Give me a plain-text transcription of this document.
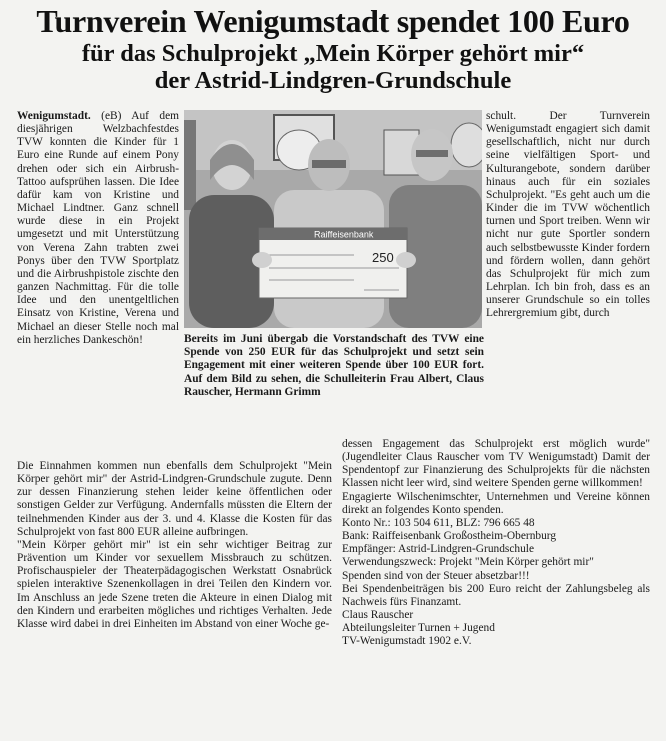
Turnverein Wenigumstadt spendet 100 Euro
für das Schulprojekt „Mein Körper gehört mir“
der Astrid-Lindgren-Grundschule

Wenigumstadt. (eB) Auf dem diesjährigen Welzbachfestdes TVW konnten die Kinder für 1 Euro eine Runde auf einem Pony drehen oder sich ein Airbrush-Tattoo aufsprühen lassen. Die Idee dafür kam von Kristine und Michael Lindtner. Ganz schnell wurde diese in ein Projekt umgesetzt und mit Unterstützung von Verena Zahn trabten zwei Ponys über den TVW Sportplatz und die Airbrushpistole zischte den ganzen Nachmittag. Für die tolle Idee und den unentgeltlichen Einsatz von Kristine, Verena und Michael an dieser Stelle noch mal ein herzliches Dankeschön!

Raiffeisenbank
250
Bereits im Juni übergab die Vorstandschaft des TVW eine Spende von 250 EUR für das Schulprojekt und setzt sein Engagement mit einer weiteren Spende über 100 EUR fort. Auf dem Bild zu sehen, die Schulleiterin Frau Albert, Claus Rauscher, Hermann Grimm

schult. Der Turnverein Wenigumstadt engagiert sich damit gesellschaftlich, nicht nur durch seine vielfältigen Sport- und Kulturangebote, sondern darüber hinaus auch für ein soziales Schulprojekt. "Es geht auch um die Kinder die im TVW wöchentlich turnen und Sport treiben. Wenn wir nicht nur gute Sportler sondern auch selbstbewusste Kinder fordern und fördern wollen, dann gehört das Schulprojekt für mich zum Lehrplan. Ich bin froh, dass es an unserer Grundschule so ein tolles Lehrergremium gibt, durch

Die Einnahmen kommen nun ebenfalls dem Schulprojekt "Mein Körper gehört mir" der Astrid-Lindgren-Grundschule zugute. Denn zur dessen Finanzierung stehen leider keine öffentlichen oder sonstigen Gelder zur Verfügung. Andernfalls müssten die Eltern der teilnehmenden Kinder aus der 3. und 4. Klasse die Kosten für das Schulprojekt von fast 800 EUR alleine aufbringen.

"Mein Körper gehört mir" ist ein sehr wichtiger Beitrag zur Prävention um Kinder vor sexuellem Missbrauch zu schützen. Profischauspieler der Theaterpädagogischen Werkstatt Osnabrück spielen interaktive Szenenkollagen in drei Teilen den Kindern vor. Im Anschluss an jede Szene treten die Akteure in einen Dialog mit den Kindern und erarbeiten mögliches und richtiges Verhalten. Jede Klasse wird dabei in drei Einheiten im Abstand von einer Woche ge-

dessen Engagement das Schulprojekt erst möglich wurde" (Jugendleiter Claus Rauscher vom TV Wenigumstadt) Damit der Spendentopf zur Finanzierung des Schulprojekts für die nächsten Klassen nicht leer wird, sind weitere Spenden gerne willkommen!

Engagierte Wilschenimschter, Unternehmen und Vereine können direkt an folgendes Konto spenden.

Konto Nr.: 103 504 611, BLZ: 796 665 48

Bank: Raiffeisenbank Großostheim-Obernburg

Empfänger: Astrid-Lindgren-Grundschule

Verwendungszweck: Projekt "Mein Körper gehört mir"

Spenden sind von der Steuer absetzbar!!!

Bei Spendenbeiträgen bis 200 Euro reicht der Zahlungsbeleg als Nachweis fürs Finanzamt.

Claus Rauscher

Abteilungsleiter Turnen + Jugend

TV-Wenigumstadt 1902 e.V.
